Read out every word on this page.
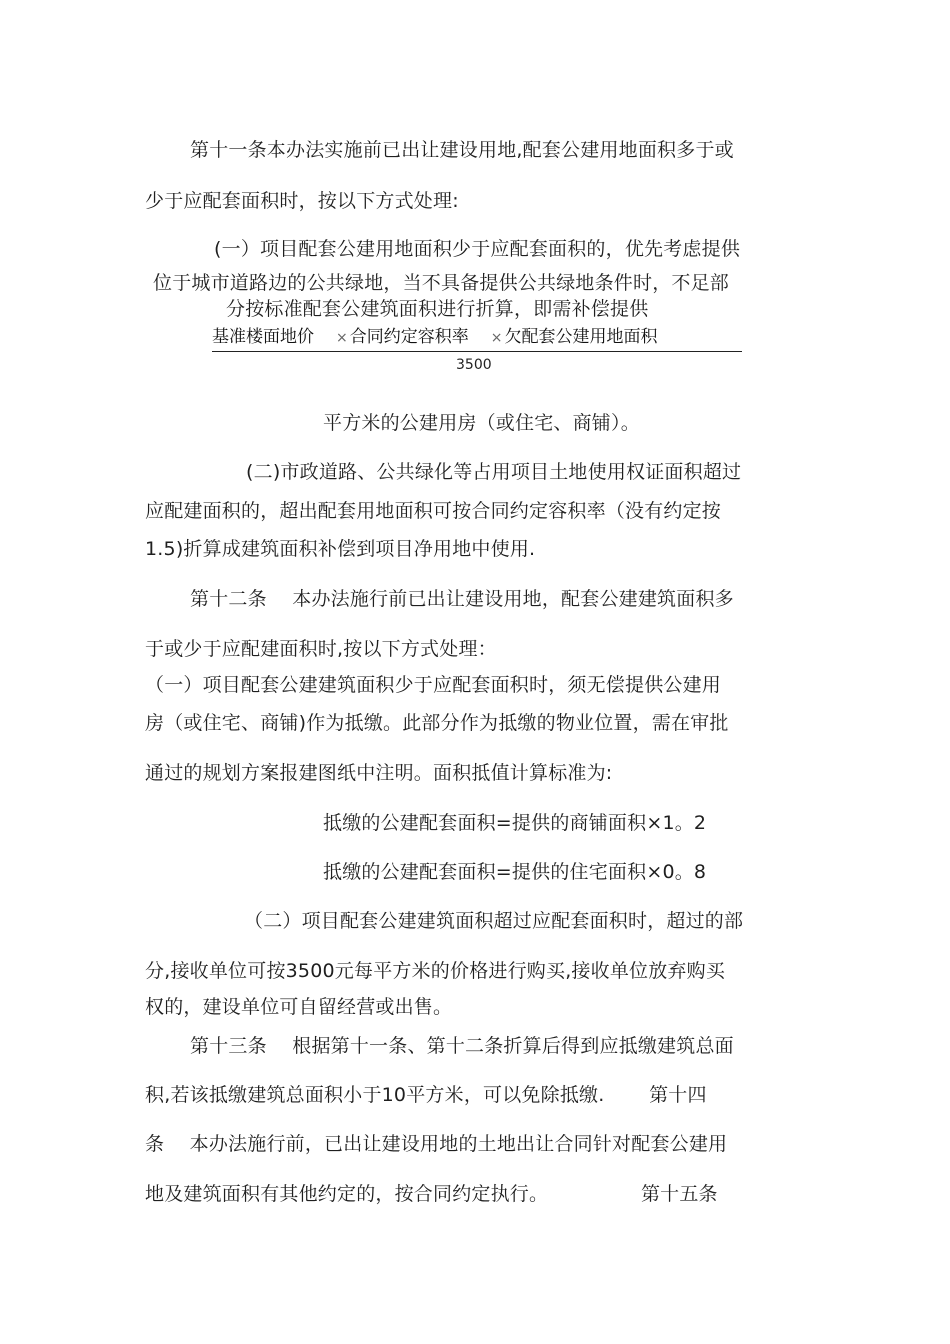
第十一条本办法实施前已出让建设用地,配套公建用地面积多于或
少于应配套面积时，按以下方式处理:
(一）项目配套公建用地面积少于应配套面积的，优先考虑提供
位于城市道路边的公共绿地，当不具备提供公共绿地条件时，不足部
分按标准配套公建筑面积进行折算，即需补偿提供
基准楼面地价 × 合同约定容积率 × 欠配套公建用地面积
3500
平方米的公建用房（或住宅、商铺）。
(二)市政道路、公共绿化等占用项目土地使用权证面积超过
应配建面积的，超出配套用地面积可按合同约定容积率（没有约定按
1.5)折算成建筑面积补偿到项目净用地中使用.
第十二条　 本办法施行前已出让建设用地，配套公建建筑面积多
于或少于应配建面积时,按以下方式处理：
（一）项目配套公建建筑面积少于应配套面积时，须无偿提供公建用
房（或住宅、商铺)作为抵缴。此部分作为抵缴的物业位置，需在审批
通过的规划方案报建图纸中注明。面积抵值计算标准为:
抵缴的公建配套面积=提供的商铺面积×1。2
抵缴的公建配套面积=提供的住宅面积×0。8
（二）项目配套公建建筑面积超过应配套面积时，超过的部
分,接收单位可按3500元每平方米的价格进行购买,接收单位放弃购买
权的，建设单位可自留经营或出售。
第十三条　 根据第十一条、第十二条折算后得到应抵缴建筑总面
积,若该抵缴建筑总面积小于10平方米，可以免除抵缴.　　 第十四
条　 本办法施行前，已出让建设用地的土地出让合同针对配套公建用
地及建筑面积有其他约定的，按合同约定执行。　　　　　 第十五条
